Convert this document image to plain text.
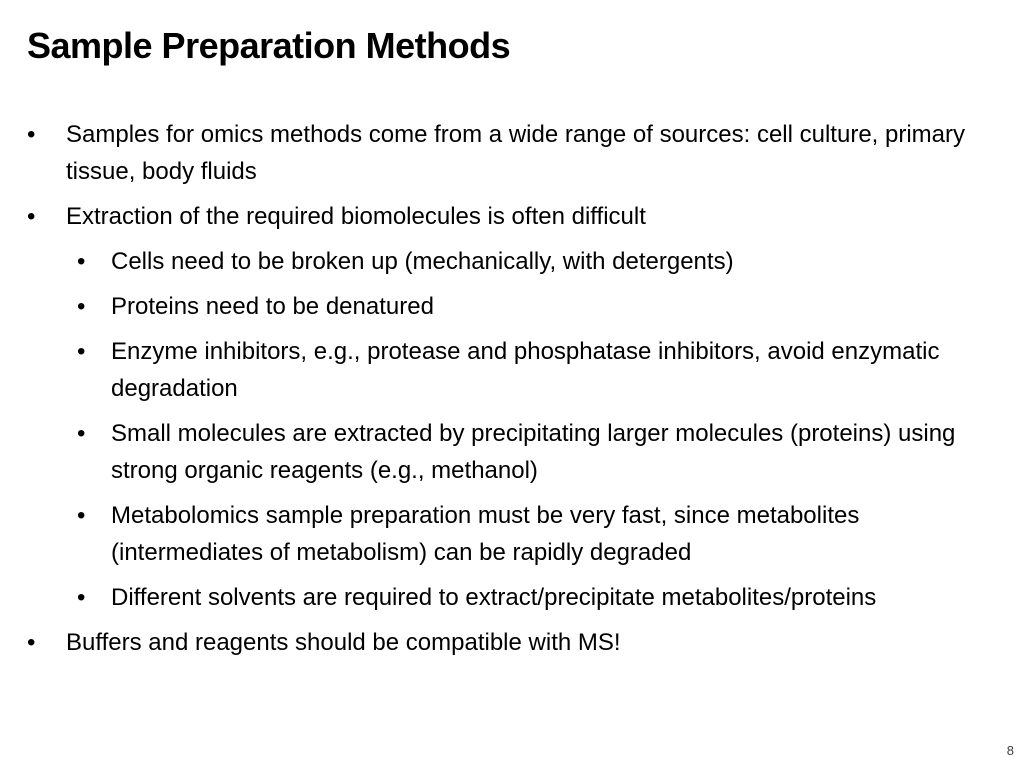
Sample Preparation Methods
• Samples for omics methods come from a wide range of sources: cell culture, primary tissue, body fluids
• Extraction of the required biomolecules is often difficult
• Cells need to be broken up (mechanically, with detergents)
• Proteins need to be denatured
• Enzyme inhibitors, e.g., protease and phosphatase inhibitors, avoid enzymatic degradation
• Small molecules are extracted by precipitating larger molecules (proteins) using strong organic reagents (e.g., methanol)
• Metabolomics sample preparation must be very fast, since metabolites (intermediates of metabolism) can be rapidly degraded
• Different solvents are required to extract/precipitate metabolites/proteins
• Buffers and reagents should be compatible with MS!
8
